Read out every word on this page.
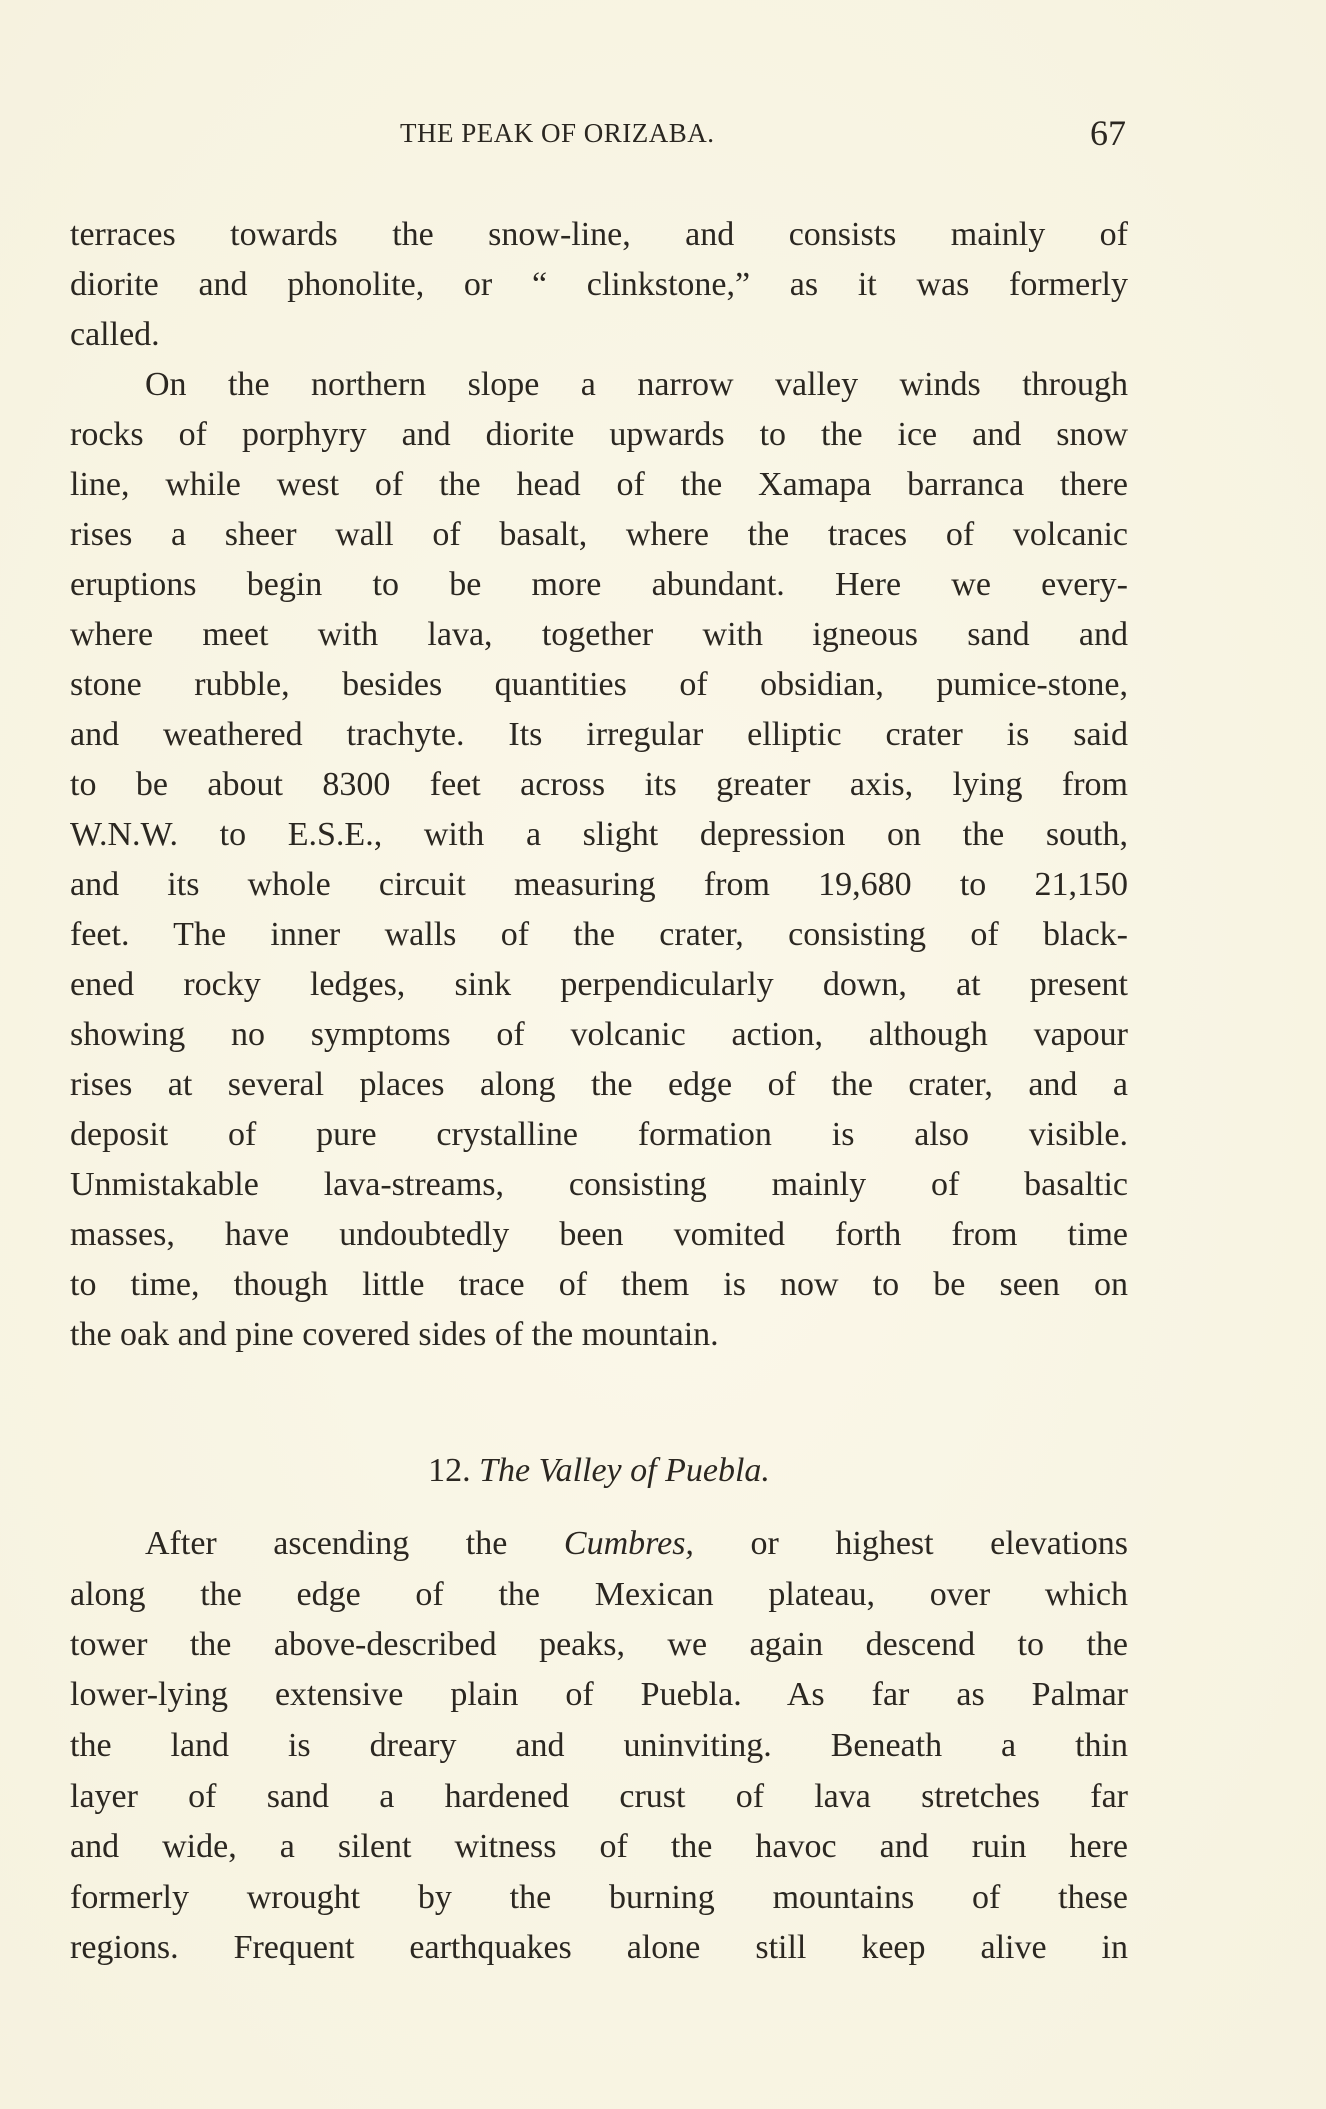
THE PEAK OF ORIZABA.	67
terraces towards the snow-line, and consists mainly of
diorite and phonolite, or “ clinkstone,” as it was formerly
called.
On the northern slope a narrow valley winds through
rocks of porphyry and diorite upwards to the ice and snow
line, while west of the head of the Xamapa barranca there
rises a sheer wall of basalt, where the traces of volcanic
eruptions begin to be more abundant. Here we every-
where meet with lava, together with igneous sand and
stone rubble, besides quantities of obsidian, pumice-stone,
and weathered trachyte. Its irregular elliptic crater is said
to be about 8300 feet across its greater axis, lying from
W.N.W. to E.S.E., with a slight depression on the south,
and its whole circuit measuring from 19,680 to 21,150
feet. The inner walls of the crater, consisting of black-
ened rocky ledges, sink perpendicularly down, at present
showing no symptoms of volcanic action, although vapour
rises at several places along the edge of the crater, and a
deposit of pure crystalline formation is also visible.
Unmistakable lava-streams, consisting mainly of basaltic
masses, have undoubtedly been vomited forth from time
to time, though little trace of them is now to be seen on
the oak and pine covered sides of the mountain.
12. The Valley of Puebla.
After ascending the Cumbres, or highest elevations
along the edge of the Mexican plateau, over which
tower the above-described peaks, we again descend to the
lower-lying extensive plain of Puebla. As far as Palmar
the land is dreary and uninviting. Beneath a thin
layer of sand a hardened crust of lava stretches far
and wide, a silent witness of the havoc and ruin here
formerly wrought by the burning mountains of these
regions. Frequent earthquakes alone still keep alive in
